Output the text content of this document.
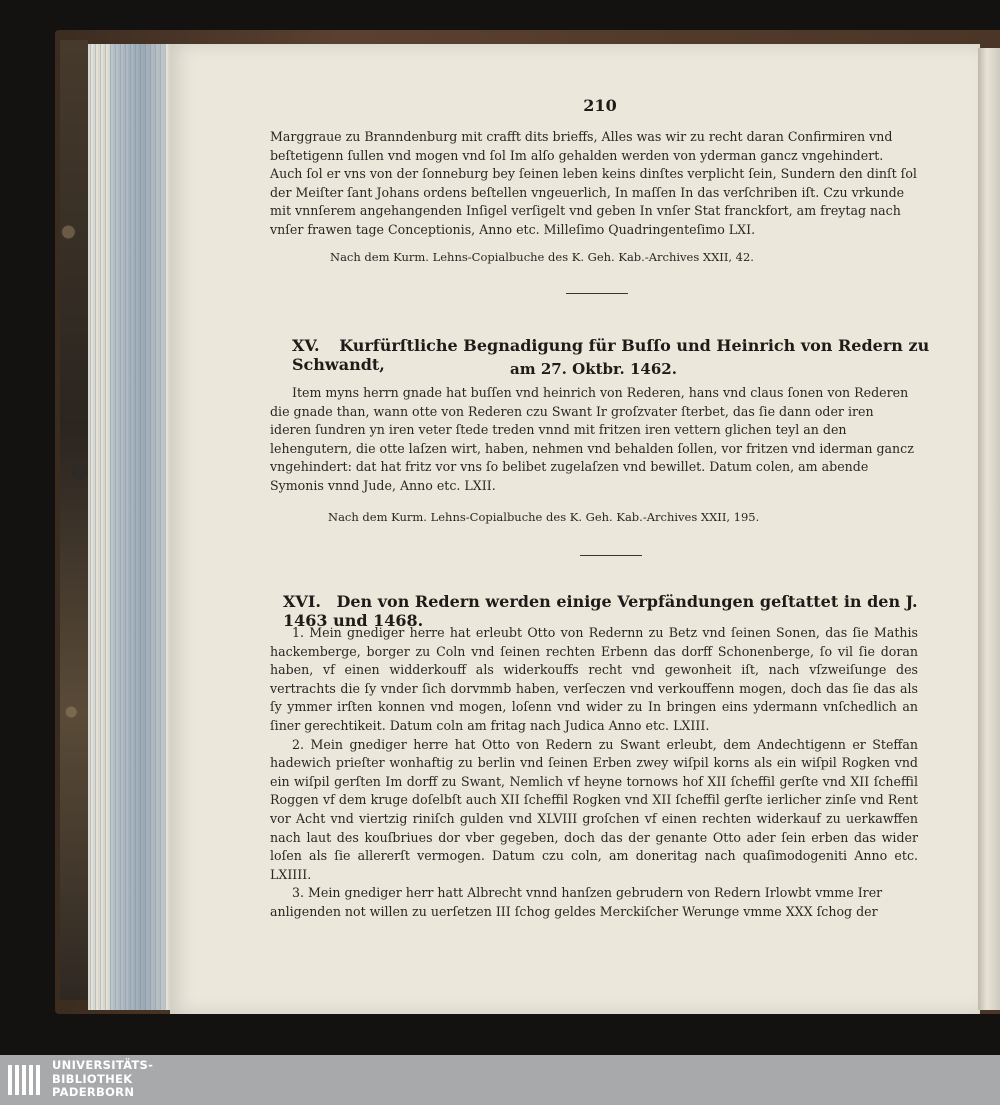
210

Marggraue zu Branndenburg mit crafft dits brieffs, Alles was wir zu recht daran Confirmiren vnd beſtetigenn ſullen vnd mogen vnd ſol Im alſo gehalden werden von yderman gancz vngehindert. Auch ſol er vns von der ſonneburg bey ſeinen leben keins dinſtes verplicht ſein, Sundern den dinſt ſol der Meiſter ſant Johans ordens beſtellen vngeuerlich, In maſſen In das verſchriben iſt. Czu vrkunde mit vnnſerem angehangenden Inſigel verſigelt vnd geben In vnſer Stat franckfort, am freytag nach vnſer frawen tage Conceptionis, Anno etc. Milleſimo Quadringenteſimo LXI.

Nach dem Kurm. Lehns-Copialbuche des K. Geh. Kab.-Archives XXII, 42.
XV. Kurfürſtliche Begnadigung für Buſſo und Heinrich von Redern zu Schwandt,	am 27. Oktbr. 1462.

Item myns herrn gnade hat buſſen vnd heinrich von Rederen, hans vnd claus ſonen von Rederen die gnade than, wann otte von Rederen czu Swant Ir groſzvater ſterbet, das ſie dann oder iren ideren ſundren yn iren veter ſtede treden vnnd mit fritzen iren vettern glichen teyl an den lehengutern, die otte laſzen wirt, haben, nehmen vnd behalden ſollen, vor fritzen vnd iderman gancz vngehindert: dat hat fritz vor vns ſo belibet zugelaſzen vnd bewillet. Datum colen, am abende Symonis vnnd Jude, Anno etc. LXII.

Nach dem Kurm. Lehns-Copialbuche des K. Geh. Kab.-Archives XXII, 195.
XVI. Den von Redern werden einige Verpfändungen geſtattet in den J. 1463 und 1468.

1. Mein gnediger herre hat erleubt Otto von Redernn zu Betz vnd ſeinen Sonen, das ſie Mathis hackemberge, borger zu Coln vnd ſeinen rechten Erbenn das dorff Schonenberge, ſo vil ſie doran haben, vf einen widderkouff als widerkouffs recht vnd gewonheit iſt, nach vſzweiſunge des vertrachts die ſy vnder ſich dorvmmb haben, verſeczen vnd verkouffenn mogen, doch das ſie das als ſy ymmer irſten konnen vnd mogen, loſenn vnd wider zu In bringen eins ydermann vnſchedlich an ſiner gerechtikeit. Datum coln am fritag nach Judica Anno etc. LXIII.

2. Mein gnediger herre hat Otto von Redern zu Swant erleubt, dem Andechtigenn er Steffan hadewich prieſter wonhaftig zu berlin vnd ſeinen Erben zwey wiſpil korns als ein wiſpil Rogken vnd ein wiſpil gerſten Im dorff zu Swant, Nemlich vf heyne tornows hof XII ſcheffil gerſte vnd XII ſcheffil Roggen vf dem kruge doſelbſt auch XII ſcheffil Rogken vnd XII ſcheffil gerſte ierlicher zinſe vnd Rent vor Acht vnd viertzig riniſch gulden vnd XLVIII groſchen vf einen rechten widerkauf zu uerkawffen nach laut des kouſbriues dor vber gegeben, doch das der genante Otto ader ſein erben das wider loſen als ſie allererſt vermogen. Datum czu coln, am doneritag nach quaſimodogeniti Anno etc. LXIIII.

3. Mein gnediger herr hatt Albrecht vnnd hanſzen gebrudern von Redern Irlowbt vmme Irer anligenden not willen zu uerſetzen III ſchog geldes Merckiſcher Werunge vmme XXX ſchog der

UNIVERSITÄTS-
BIBLIOTHEK
PADERBORN
